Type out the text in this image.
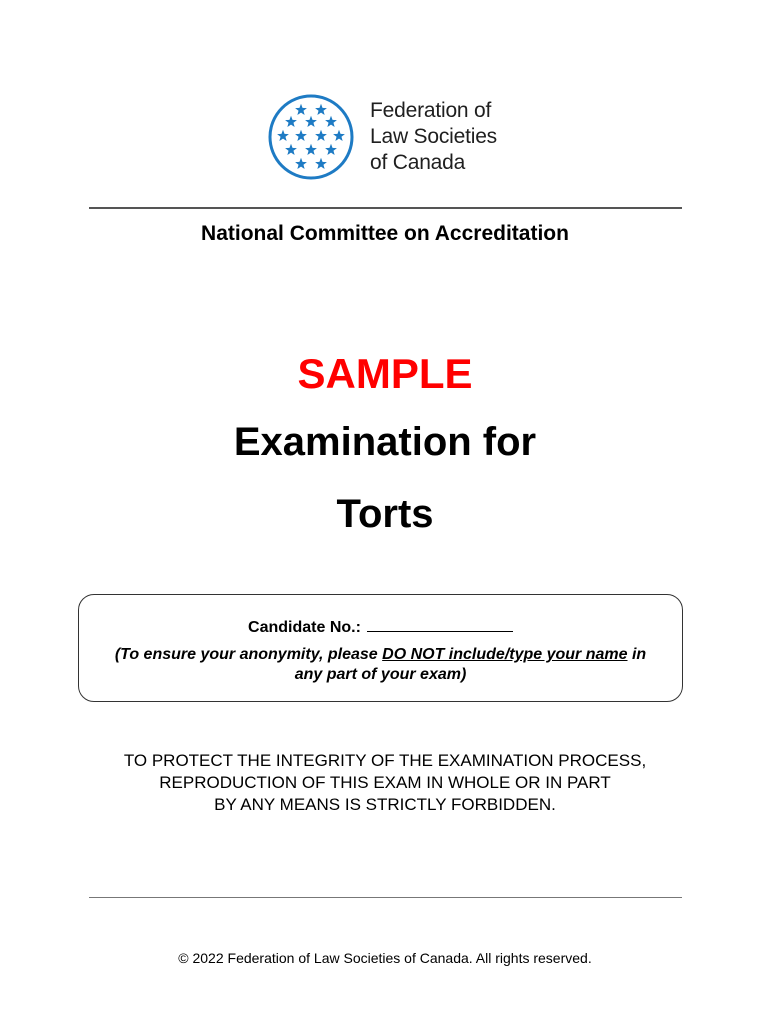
Federation of
Law Societies
of Canada
National Committee on Accreditation
SAMPLE
Examination for
Torts
Candidate No.:
(To ensure your anonymity, please DO NOT include/type your name in any part of your exam)
TO PROTECT THE INTEGRITY OF THE EXAMINATION PROCESS,
REPRODUCTION OF THIS EXAM IN WHOLE OR IN PART
BY ANY MEANS IS STRICTLY FORBIDDEN.
© 2022 Federation of Law Societies of Canada. All rights reserved.
